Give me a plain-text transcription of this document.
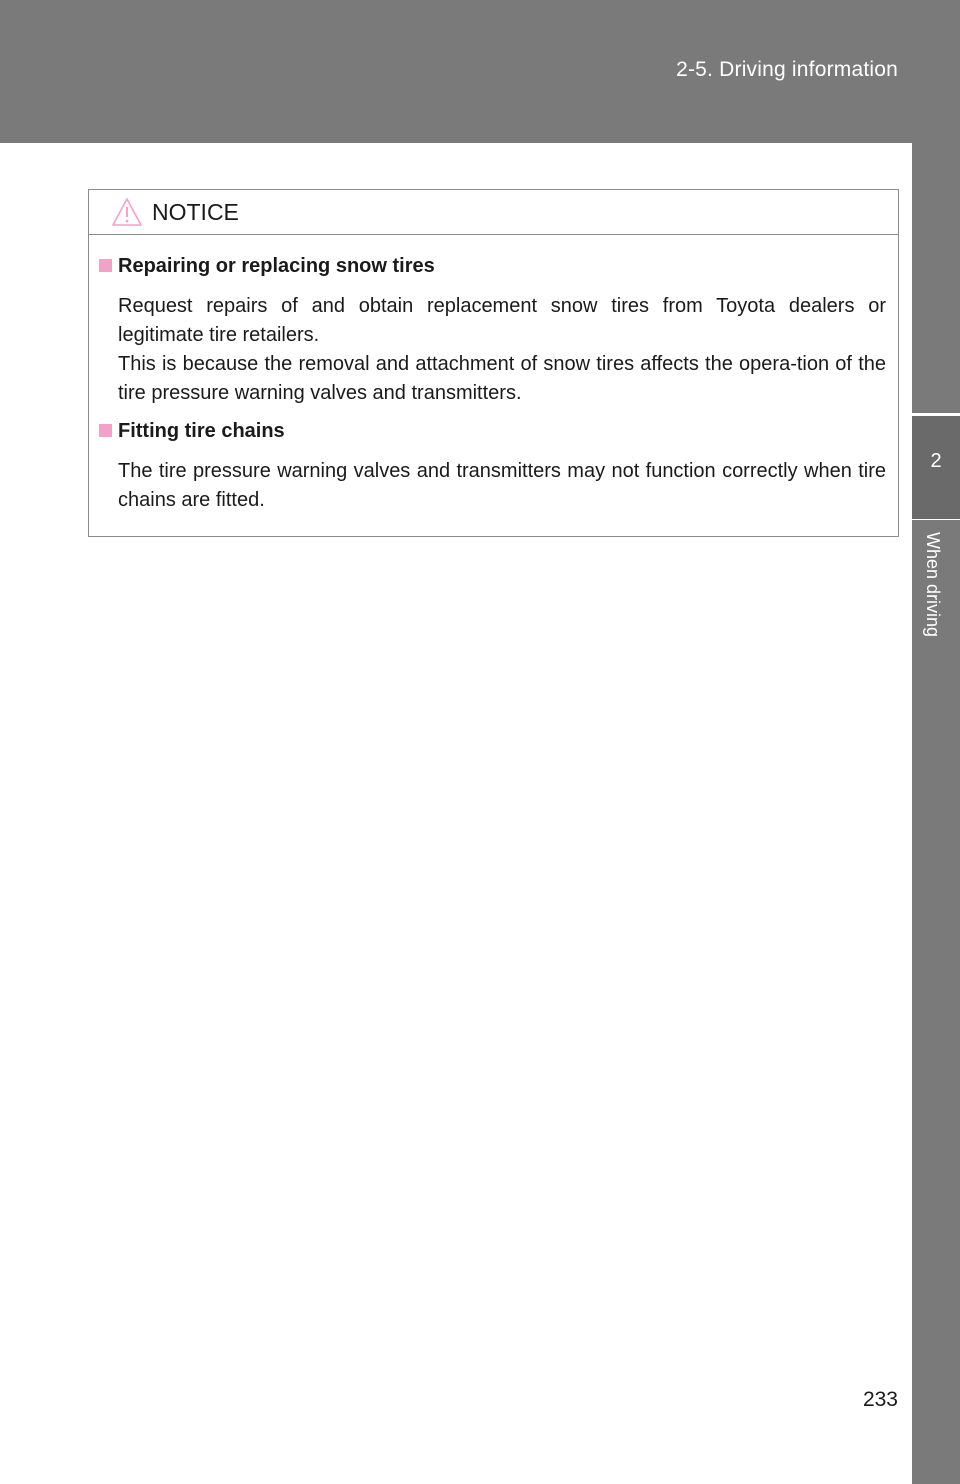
2-5. Driving information
2
When driving
NOTICE
Repairing or replacing snow tires
Request repairs of and obtain replacement snow tires from Toyota dealers or legitimate tire retailers.
This is because the removal and attachment of snow tires affects the opera-tion of the tire pressure warning valves and transmitters.
Fitting tire chains
The tire pressure warning valves and transmitters may not function correctly when tire chains are fitted.
233
